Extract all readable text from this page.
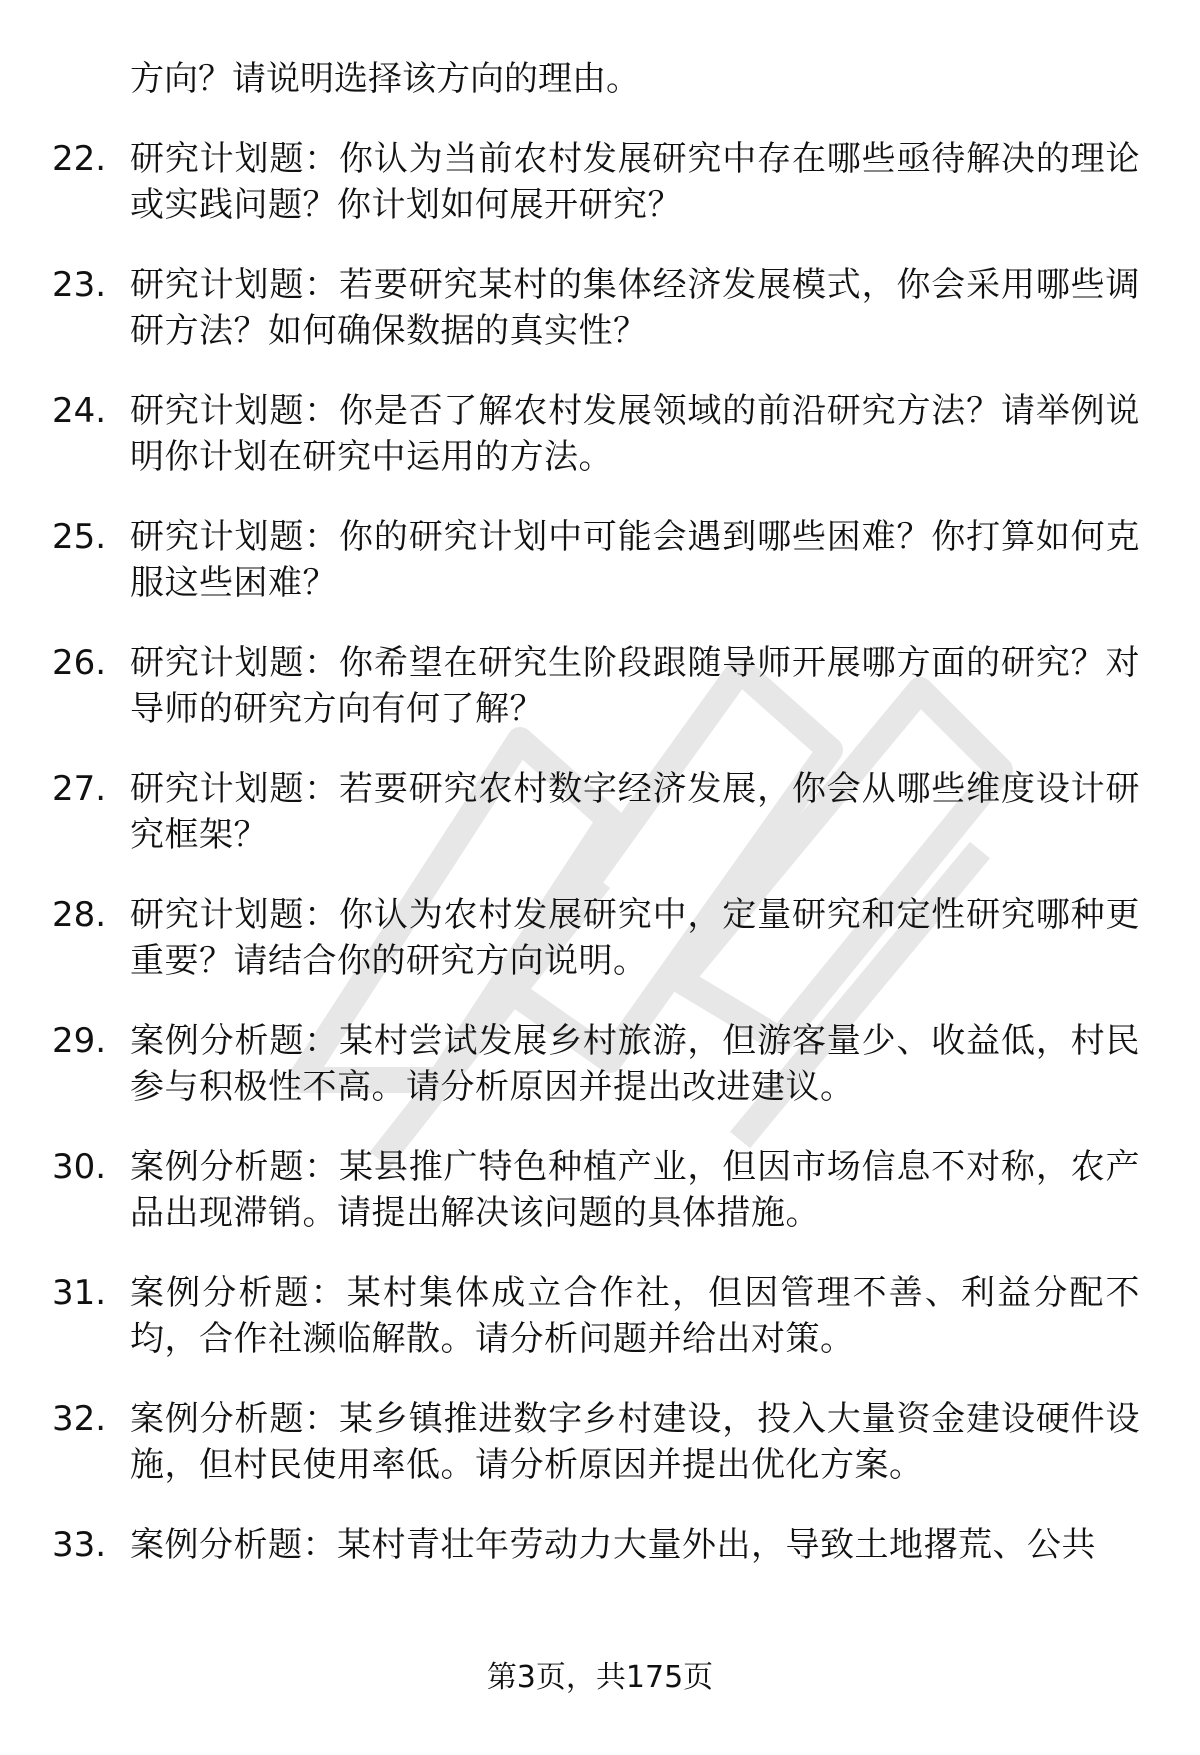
方向？请说明选择该方向的理由。
22. 研究计划题：你认为当前农村发展研究中存在哪些亟待解决的理论或实践问题？你计划如何展开研究？
23. 研究计划题：若要研究某村的集体经济发展模式，你会采用哪些调研方法？如何确保数据的真实性？
24. 研究计划题：你是否了解农村发展领域的前沿研究方法？请举例说明你计划在研究中运用的方法。
25. 研究计划题：你的研究计划中可能会遇到哪些困难？你打算如何克服这些困难？
26. 研究计划题：你希望在研究生阶段跟随导师开展哪方面的研究？对导师的研究方向有何了解？
27. 研究计划题：若要研究农村数字经济发展，你会从哪些维度设计研究框架？
28. 研究计划题：你认为农村发展研究中，定量研究和定性研究哪种更重要？请结合你的研究方向说明。
29. 案例分析题：某村尝试发展乡村旅游，但游客量少、收益低，村民参与积极性不高。请分析原因并提出改进建议。
30. 案例分析题：某县推广特色种植产业，但因市场信息不对称，农产品出现滞销。请提出解决该问题的具体措施。
31. 案例分析题：某村集体成立合作社，但因管理不善、利益分配不均，合作社濒临解散。请分析问题并给出对策。
32. 案例分析题：某乡镇推进数字乡村建设，投入大量资金建设硬件设施，但村民使用率低。请分析原因并提出优化方案。
33. 案例分析题：某村青壮年劳动力大量外出，导致土地撂荒、公共
第3页，共175页
